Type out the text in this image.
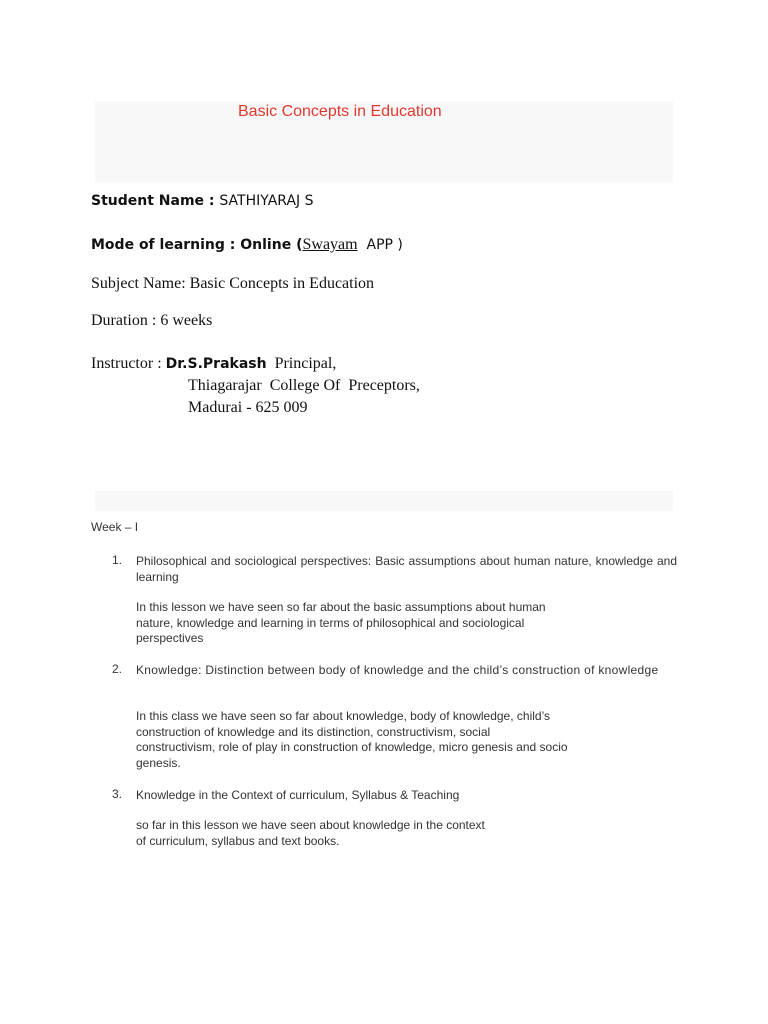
Basic Concepts in Education
Student Name : SATHIYARAJ S
Mode of learning : Online (Swayam  APP )
Subject Name: Basic Concepts in Education
Duration : 6 weeks
Instructor : Dr.S.Prakash  Principal,
Thiagarajar  College Of  Preceptors,
Madurai - 625 009
Week – I
1. Philosophical and sociological perspectives: Basic assumptions about human nature, knowledge and learning
In this lesson we have seen so far about the basic assumptions about human
nature, knowledge and learning in terms of philosophical and sociological
perspectives
2. Knowledge: Distinction between body of knowledge and the child’s construction of knowledge
In this class we have seen so far about knowledge, body of knowledge, child’s
construction of knowledge and its distinction, constructivism, social
constructivism, role of play in construction of knowledge, micro genesis and socio
genesis.
3. Knowledge in the Context of curriculum, Syllabus & Teaching
so far in this lesson we have seen about knowledge in the context
of curriculum, syllabus and text books.
